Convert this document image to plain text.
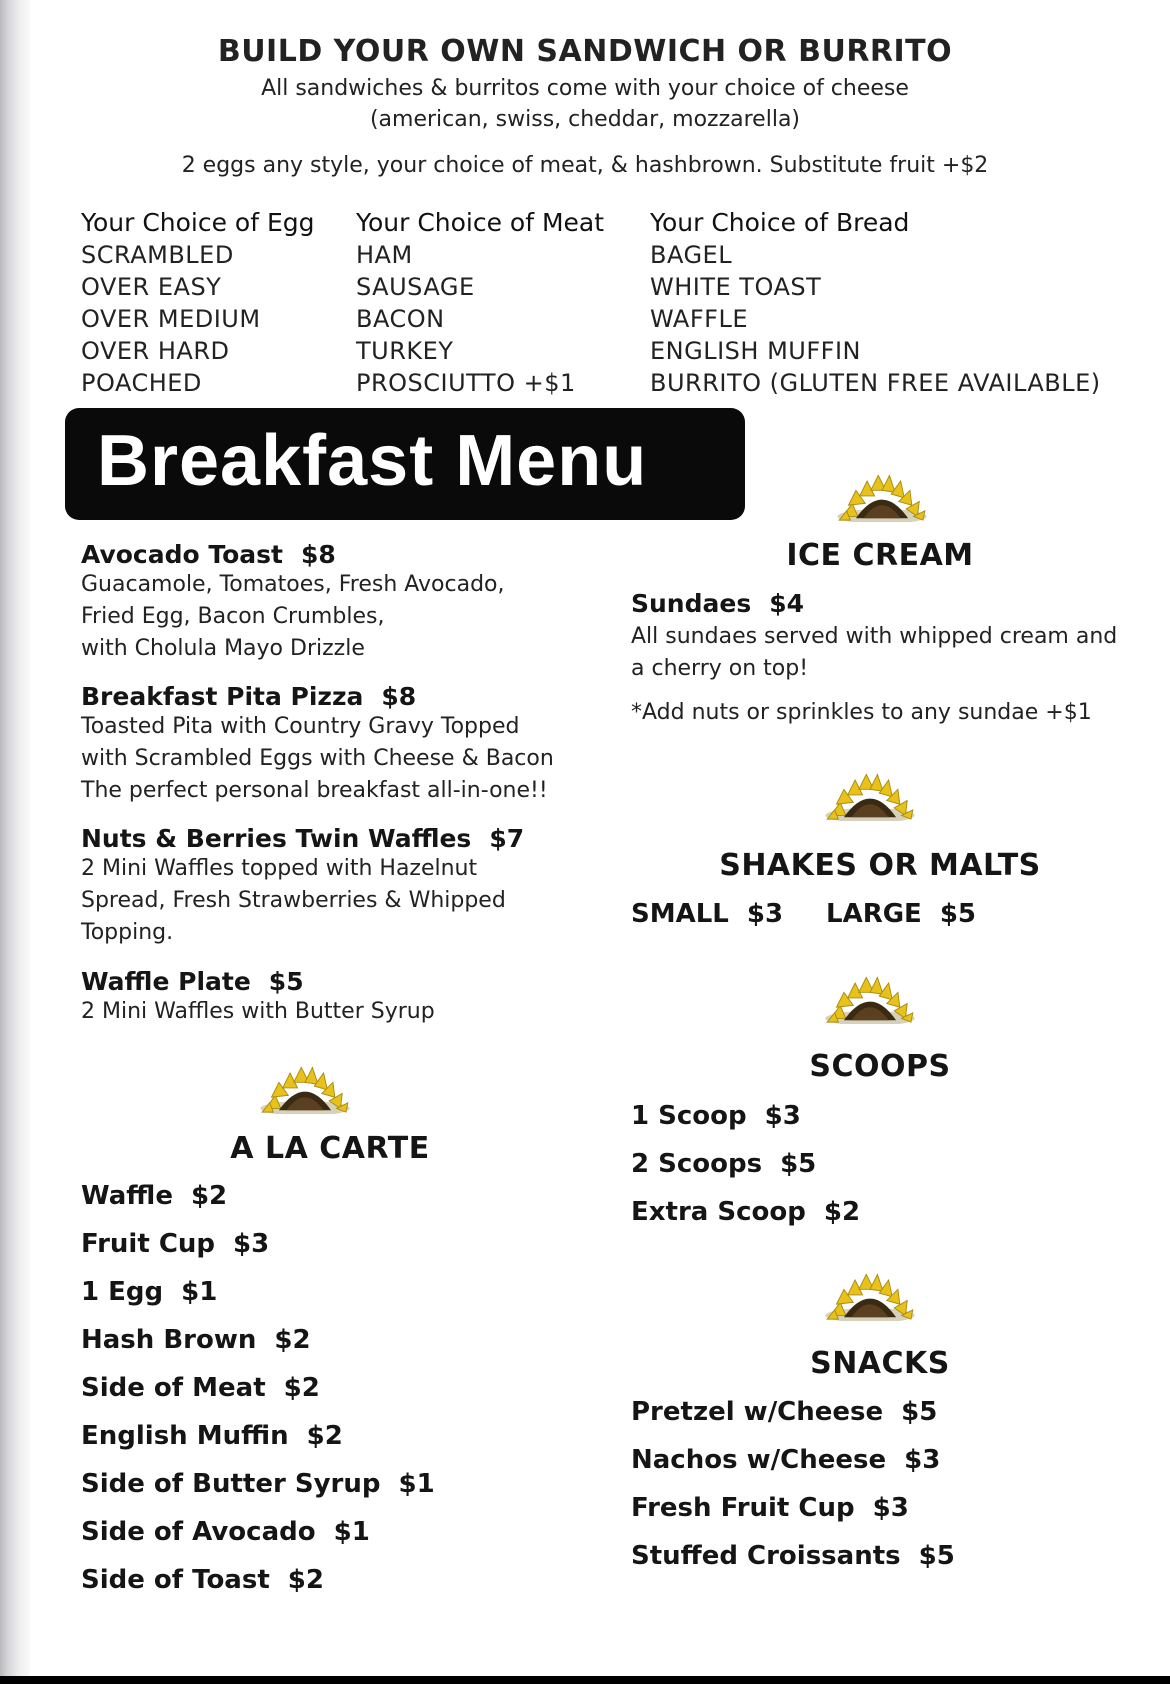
BUILD YOUR OWN SANDWICH OR BURRITO
All sandwiches & burritos come with your choice of cheese
(american, swiss, cheddar, mozzarella)
2 eggs any style, your choice of meat, & hashbrown. Substitute fruit +$2
Your Choice of Egg
SCRAMBLED
OVER EASY
OVER MEDIUM
OVER HARD
POACHED
Your Choice of Meat
HAM
SAUSAGE
BACON
TURKEY
PROSCIUTTO +$1
Your Choice of Bread
BAGEL
WHITE TOAST
WAFFLE
ENGLISH MUFFIN
BURRITO (GLUTEN FREE AVAILABLE)
Breakfast Menu
Avocado Toast $8
Guacamole, Tomatoes, Fresh Avocado,
Fried Egg, Bacon Crumbles,
with Cholula Mayo Drizzle
Breakfast Pita Pizza $8
Toasted Pita with Country Gravy Topped
with Scrambled Eggs with Cheese & Bacon
The perfect personal breakfast all-in-one!!
Nuts & Berries Twin Waffles $7
2 Mini Waffles topped with Hazelnut
Spread, Fresh Strawberries & Whipped
Topping.
Waffle Plate $5
2 Mini Waffles with Butter Syrup
A LA CARTE
Waffle $2
Fruit Cup $3
1 Egg $1
Hash Brown $2
Side of Meat $2
English Muffin $2
Side of Butter Syrup $1
Side of Avocado $1
Side of Toast $2
ICE CREAM
Sundaes $4
All sundaes served with whipped cream and
a cherry on top!
*Add nuts or sprinkles to any sundae +$1
SHAKES OR MALTS
SMALL $3 LARGE $5
SCOOPS
1 Scoop $3
2 Scoops $5
Extra Scoop $2
SNACKS
Pretzel w/Cheese $5
Nachos w/Cheese $3
Fresh Fruit Cup $3
Stuffed Croissants $5
